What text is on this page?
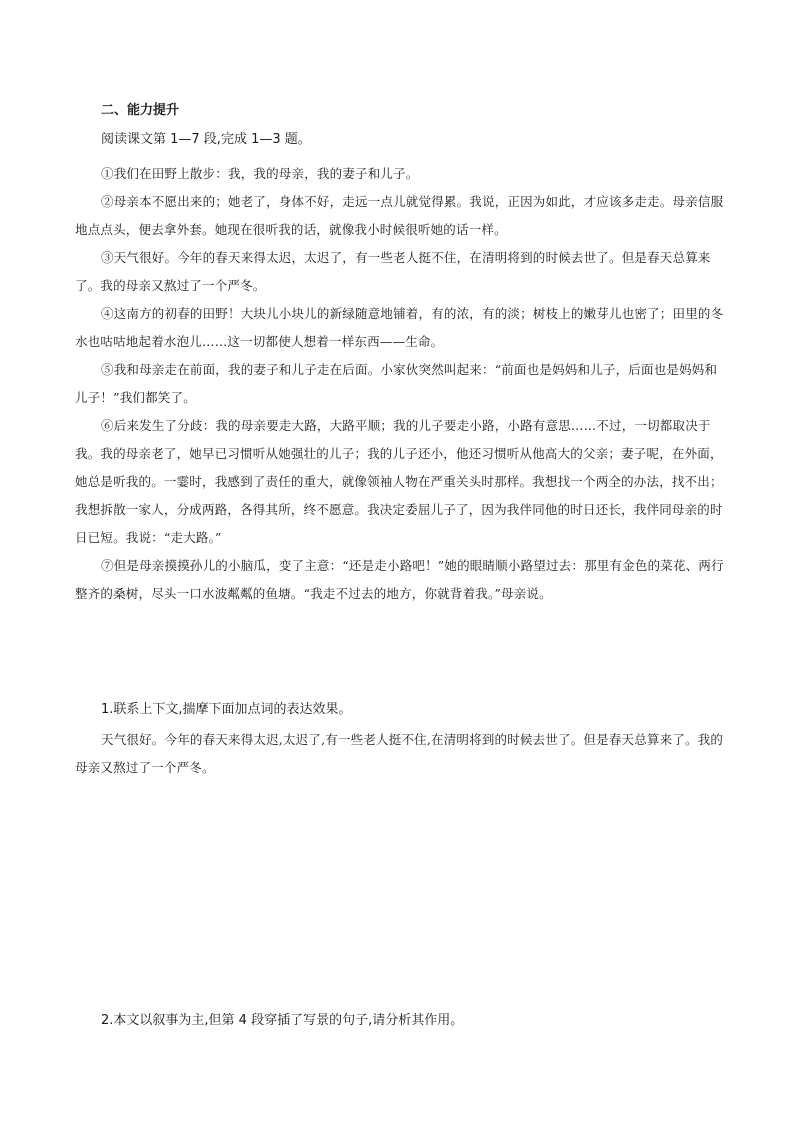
二、能力提升
阅读课文第 1—7 段,完成 1—3 题。

①我们在田野上散步：我，我的母亲，我的妻子和儿子。

②母亲本不愿出来的；她老了，身体不好，走远一点儿就觉得累。我说，正因为如此，才应该多走走。母亲信服地点点头，便去拿外套。她现在很听我的话，就像我小时候很听她的话一样。

③天气很好。今年的春天来得太迟，太迟了，有一些老人挺不住，在清明将到的时候去世了。但是春天总算来了。我的母亲又熬过了一个严冬。

④这南方的初春的田野！大块儿小块儿的新绿随意地铺着，有的浓，有的淡；树枝上的嫩芽儿也密了；田里的冬水也咕咕地起着水泡儿……这一切都使人想着一样东西——生命。

⑤我和母亲走在前面，我的妻子和儿子走在后面。小家伙突然叫起来：“前面也是妈妈和儿子，后面也是妈妈和儿子！”我们都笑了。

⑥后来发生了分歧：我的母亲要走大路，大路平顺；我的儿子要走小路，小路有意思……不过，一切都取决于我。我的母亲老了，她早已习惯听从她强壮的儿子；我的儿子还小，他还习惯听从他高大的父亲；妻子呢，在外面，她总是听我的。一霎时，我感到了责任的重大，就像领袖人物在严重关头时那样。我想找一个两全的办法，找不出；我想拆散一家人，分成两路，各得其所，终不愿意。我决定委屈儿子了，因为我伴同他的时日还长，我伴同母亲的时日已短。我说：“走大路。”

⑦但是母亲摸摸孙儿的小脑瓜，变了主意：“还是走小路吧！”她的眼睛顺小路望过去：那里有金色的菜花、两行整齐的桑树，尽头一口水波粼粼的鱼塘。“我走不过去的地方，你就背着我。”母亲说。

1.联系上下文,揣摩下面加点词的表达效果。

天气很好。今年的春天来得太迟,太迟了,有一些老人挺不住,在清明将到的时候去世了。但是春天总算来了。我的母亲又熬过了一个严冬。

2.本文以叙事为主,但第 4 段穿插了写景的句子,请分析其作用。
